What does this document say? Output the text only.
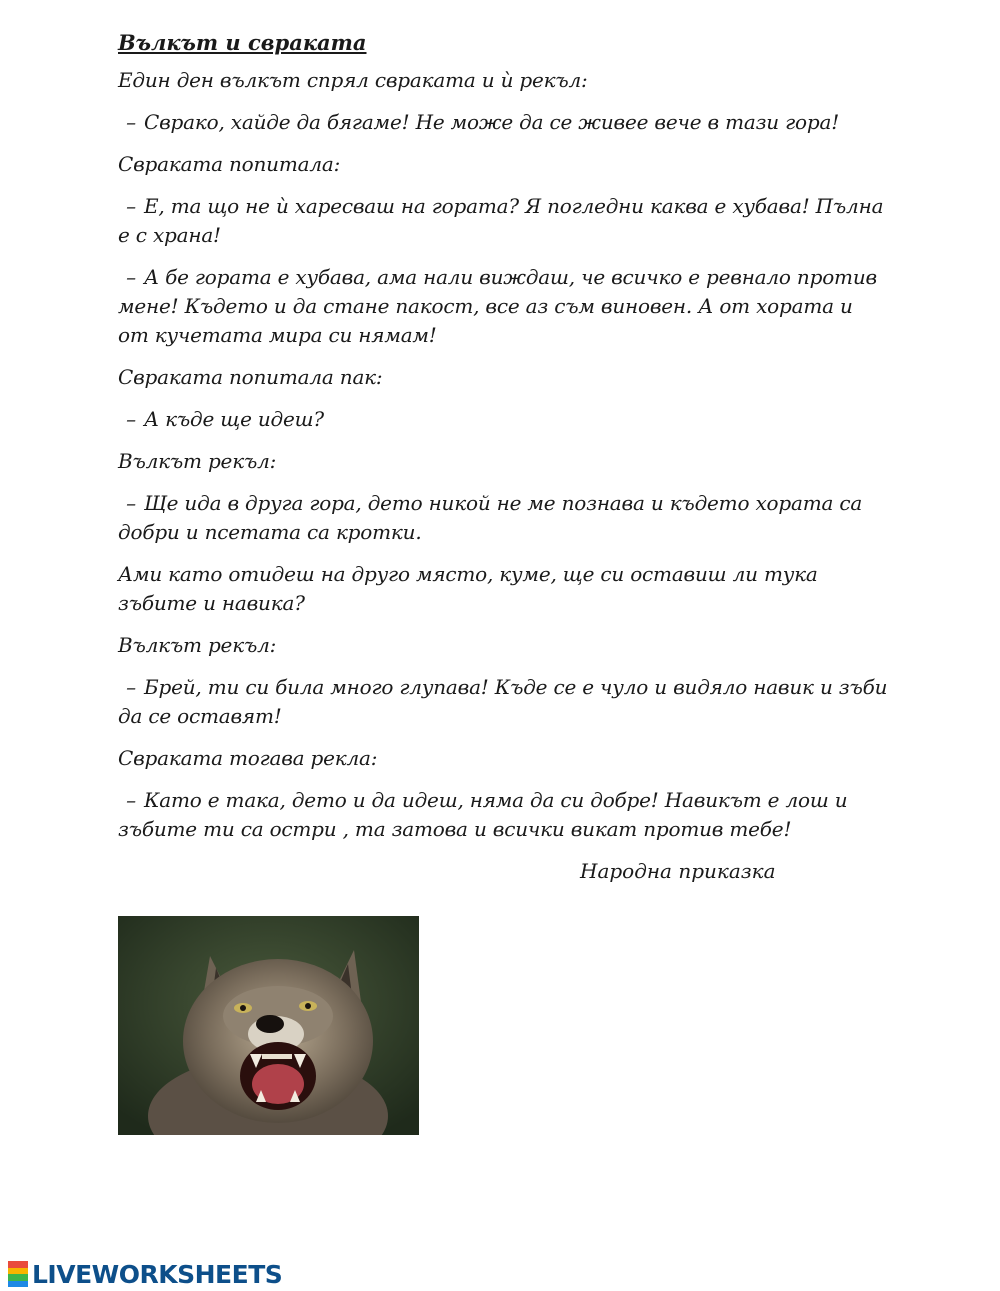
Вълкът и свраката
Един ден вълкът спрял свраката и ѝ рекъл:
– Сврако, хайде да бягаме! Не може да се живее вече в тази гора!
Свраката попитала:
– Е, та що не ѝ харесваш на гората? Я погледни каква е хубава! Пълна е с храна!
– А бе гората е хубава, ама нали виждаш, че всичко е ревнало против мене! Където и да стане пакост, все аз съм виновен. А от хората и от кучетата мира си нямам!
Свраката попитала пак:
– А къде ще идеш?
Вълкът рекъл:
– Ще ида в друга гора, дето никой не ме познава и където хората са добри и псетата са кротки.
Ами като отидеш на друго място, куме, ще си оставиш ли тука зъбите и навика?
Вълкът рекъл:
– Брей, ти си била много глупава! Къде се е чуло и видяло навик и зъби да се оставят!
Свраката тогава рекла:
– Като е така, дето и да идеш, няма да си добре! Навикът е лош и зъбите ти са остри , та затова и всички викат против тебе!
Народна приказка
LIVEWORKSHEETS
